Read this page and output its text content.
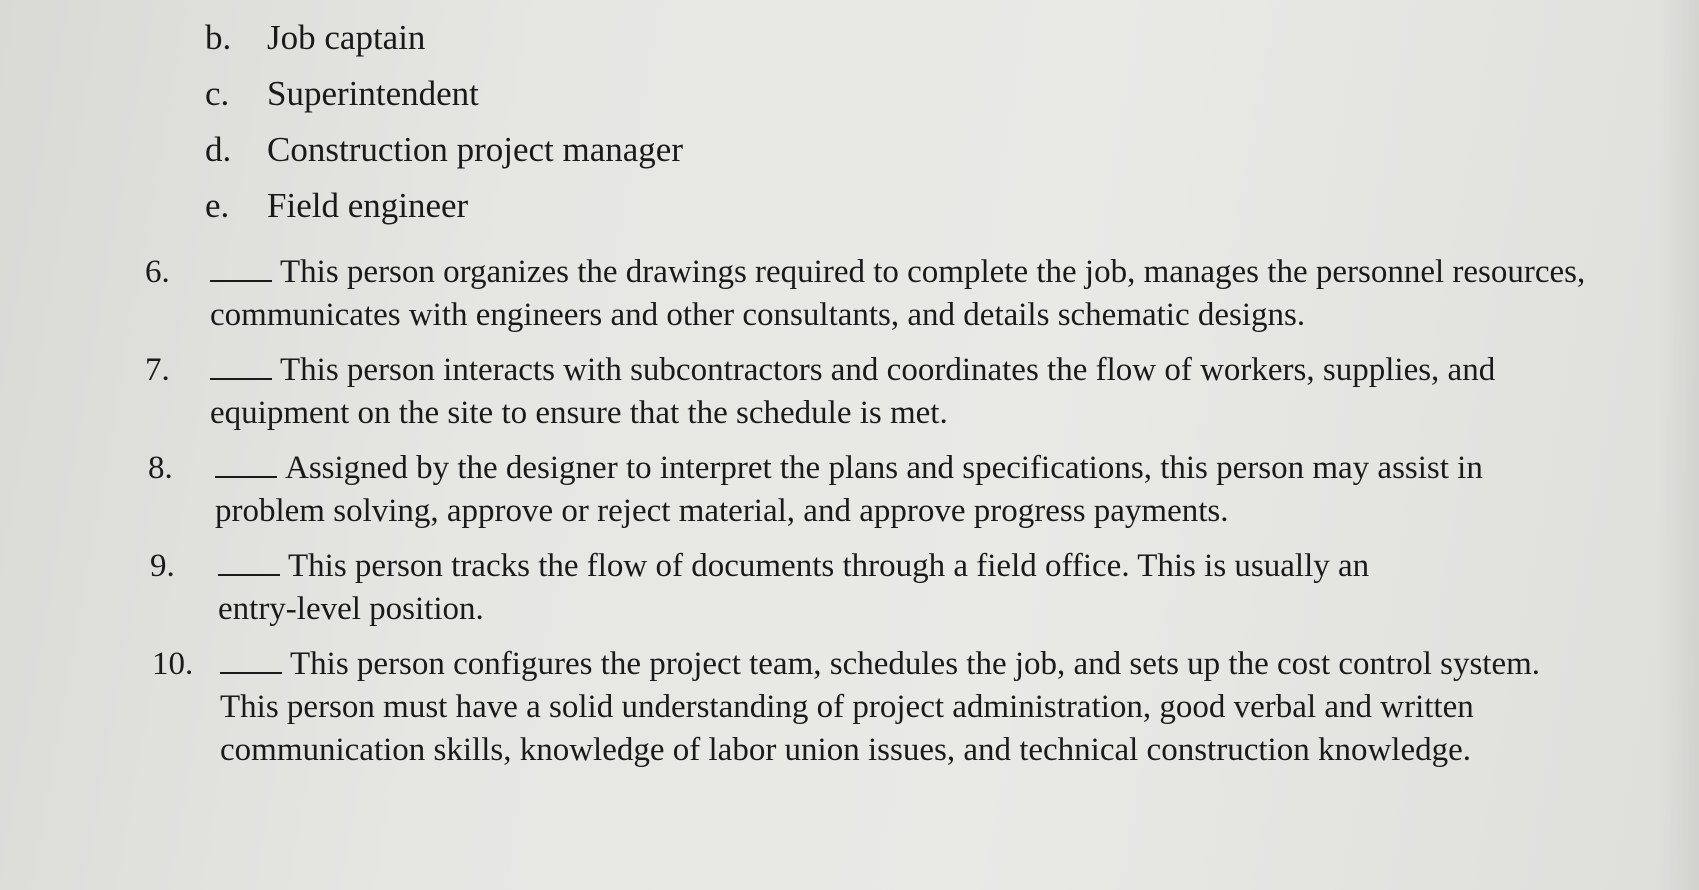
b. Job captain
c. Superintendent
d. Construction project manager
e. Field engineer
6.	This person organizes the drawings required to complete the job, manages the personnel resources, communicates with engineers and other consultants, and details schematic designs.
7.	This person interacts with subcontractors and coordinates the flow of workers, supplies, and equipment on the site to ensure that the schedule is met.
8.	Assigned by the designer to interpret the plans and specifications, this person may assist in problem solving, approve or reject material, and approve progress payments.
9.	This person tracks the flow of documents through a field office. This is usually an entry-level position.
10.	This person configures the project team, schedules the job, and sets up the cost control system. This person must have a solid understanding of project administration, good verbal and written communication skills, knowledge of labor union issues, and technical construction knowledge.
